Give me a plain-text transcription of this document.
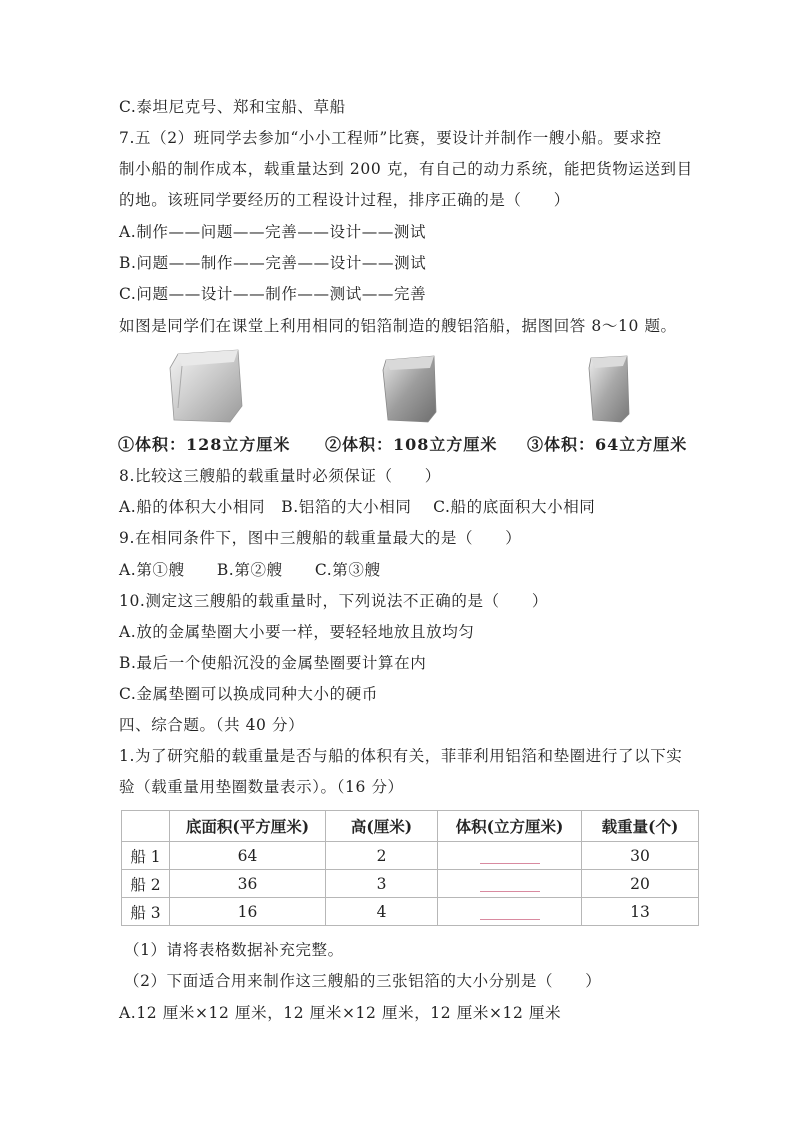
C.泰坦尼克号、郑和宝船、草船
7.五（2）班同学去参加“小小工程师”比赛，要设计并制作一艘小船。要求控
制小船的制作成本，载重量达到 200 克，有自己的动力系统，能把货物运送到目
的地。该班同学要经历的工程设计过程，排序正确的是（　　）
A.制作——问题——完善——设计——测试
B.问题——制作——完善——设计——测试
C.问题——设计——制作——测试——完善
如图是同学们在课堂上利用相同的铝箔制造的艘铝箔船，据图回答 8～10 题。
①体积：128立方厘米 ②体积：108立方厘米 ③体积：64立方厘米
8.比较这三艘船的载重量时必须保证（　　）
A.船的体积大小相同　B.铝箔的大小相同　 C.船的底面积大小相同
9.在相同条件下，图中三艘船的载重量最大的是（　　）
A.第①艘　　B.第②艘　　C.第③艘
10.测定这三艘船的载重量时，下列说法不正确的是（　　）
A.放的金属垫圈大小要一样，要轻轻地放且放均匀
B.最后一个使船沉没的金属垫圈要计算在内
C.金属垫圈可以换成同种大小的硬币
四、综合题。（共 40 分）
1.为了研究船的载重量是否与船的体积有关，菲菲利用铝箔和垫圈进行了以下实
验（载重量用垫圈数量表示）。（16 分）
	底面积(平方厘米)	高(厘米)	体积(立方厘米)	载重量(个)
船 1	64	2		30
船 2	36	3		20
船 3	16	4		13
（1）请将表格数据补充完整。
（2）下面适合用来制作这三艘船的三张铝箔的大小分别是（　　）
A.12 厘米×12 厘米，12 厘米×12 厘米，12 厘米×12 厘米
